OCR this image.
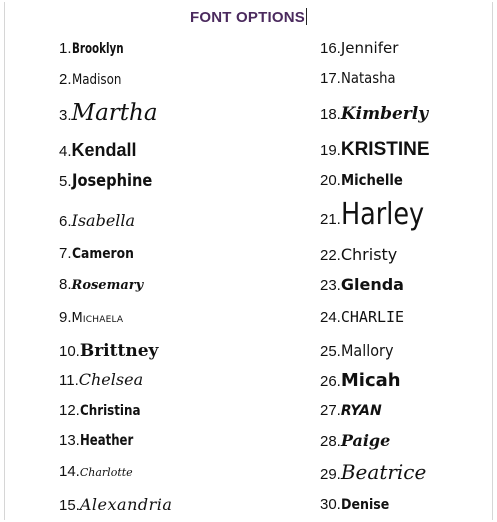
FONT OPTIONS
1. Brooklyn
2. Madison
3. Martha
4. Kendall
5. Josephine
6. Isabella
7. Cameron
8. Rosemary
9. Michaela
10. Brittney
11. Chelsea
12. Christina
13. Heather
14. Charlotte
15. Alexandria
16. Jennifer
17. Natasha
18. Kimberly
19. KRISTINE
20. Michelle
21. Harley
22. Christy
23. Glenda
24. CHARLIE
25. Mallory
26. Micah
27. RYAN
28. Paige
29. Beatrice
30. Denise
